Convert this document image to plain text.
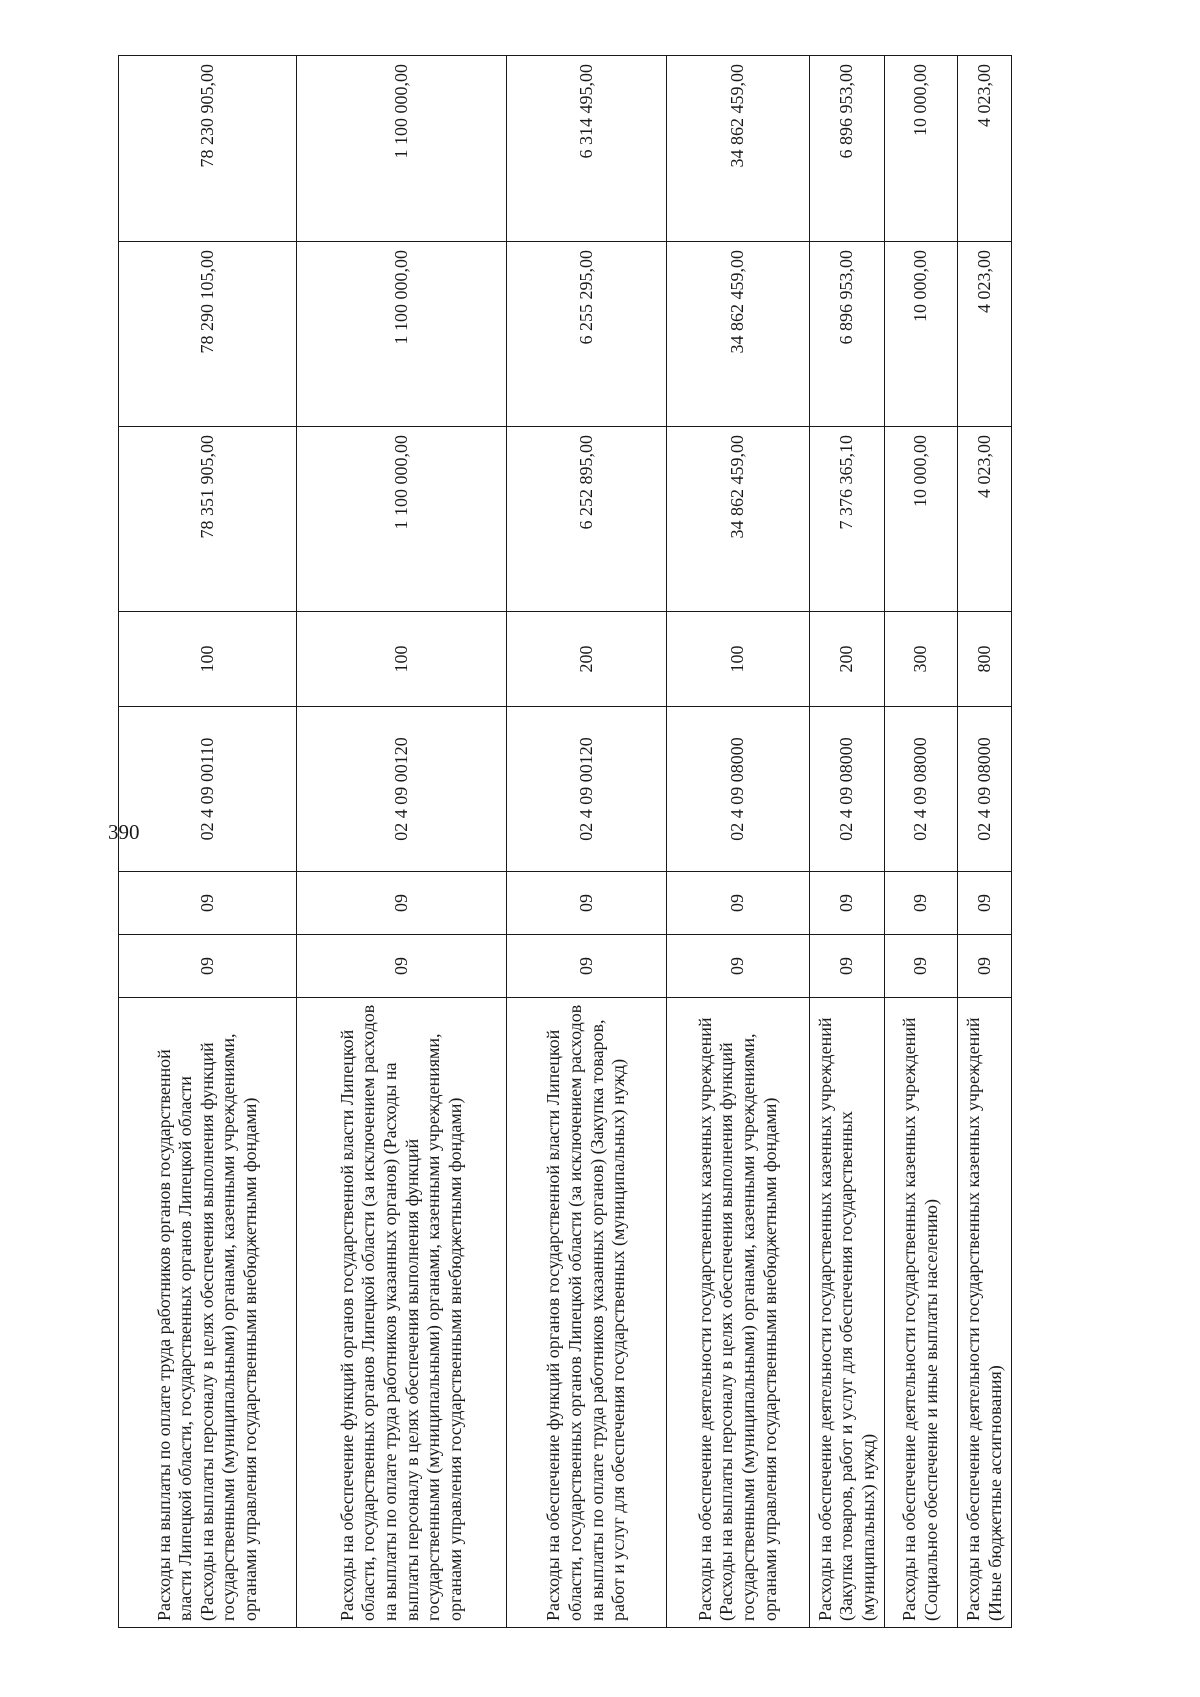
390
Расходы на выплаты по оплате труда работников органов государственной власти Липецкой области, государственных органов Липецкой области (Расходы на выплаты персоналу в целях обеспечения выполнения функций государственными (муниципальными) органами, казенными учреждениями, органами управления государственными внебюджетными фондами)	09	09	02 4 09 00110	100	78 351 905,00	78 290 105,00	78 230 905,00
Расходы на обеспечение функций органов государственной власти Липецкой области, государственных органов Липецкой области (за исключением расходов на выплаты по оплате труда работников указанных органов) (Расходы на выплаты персоналу в целях обеспечения выполнения функций государственными (муниципальными) органами, казенными учреждениями, органами управления государственными внебюджетными фондами)	09	09	02 4 09 00120	100	1 100 000,00	1 100 000,00	1 100 000,00
Расходы на обеспечение функций органов государственной власти Липецкой области, государственных органов Липецкой области (за исключением расходов на выплаты по оплате труда работников указанных органов) (Закупка товаров, работ и услуг для обеспечения государственных (муниципальных) нужд)	09	09	02 4 09 00120	200	6 252 895,00	6 255 295,00	6 314 495,00
Расходы на обеспечение деятельности государственных казенных учреждений (Расходы на выплаты персоналу в целях обеспечения выполнения функций государственными (муниципальными) органами, казенными учреждениями, органами управления государственными внебюджетными фондами)	09	09	02 4 09 08000	100	34 862 459,00	34 862 459,00	34 862 459,00
Расходы на обеспечение деятельности государственных казенных учреждений (Закупка товаров, работ и услуг для обеспечения государственных (муниципальных) нужд)	09	09	02 4 09 08000	200	7 376 365,10	6 896 953,00	6 896 953,00
Расходы на обеспечение деятельности государственных казенных учреждений (Социальное обеспечение и иные выплаты населению)	09	09	02 4 09 08000	300	10 000,00	10 000,00	10 000,00
Расходы на обеспечение деятельности государственных казенных учреждений (Иные бюджетные ассигнования)	09	09	02 4 09 08000	800	4 023,00	4 023,00	4 023,00
